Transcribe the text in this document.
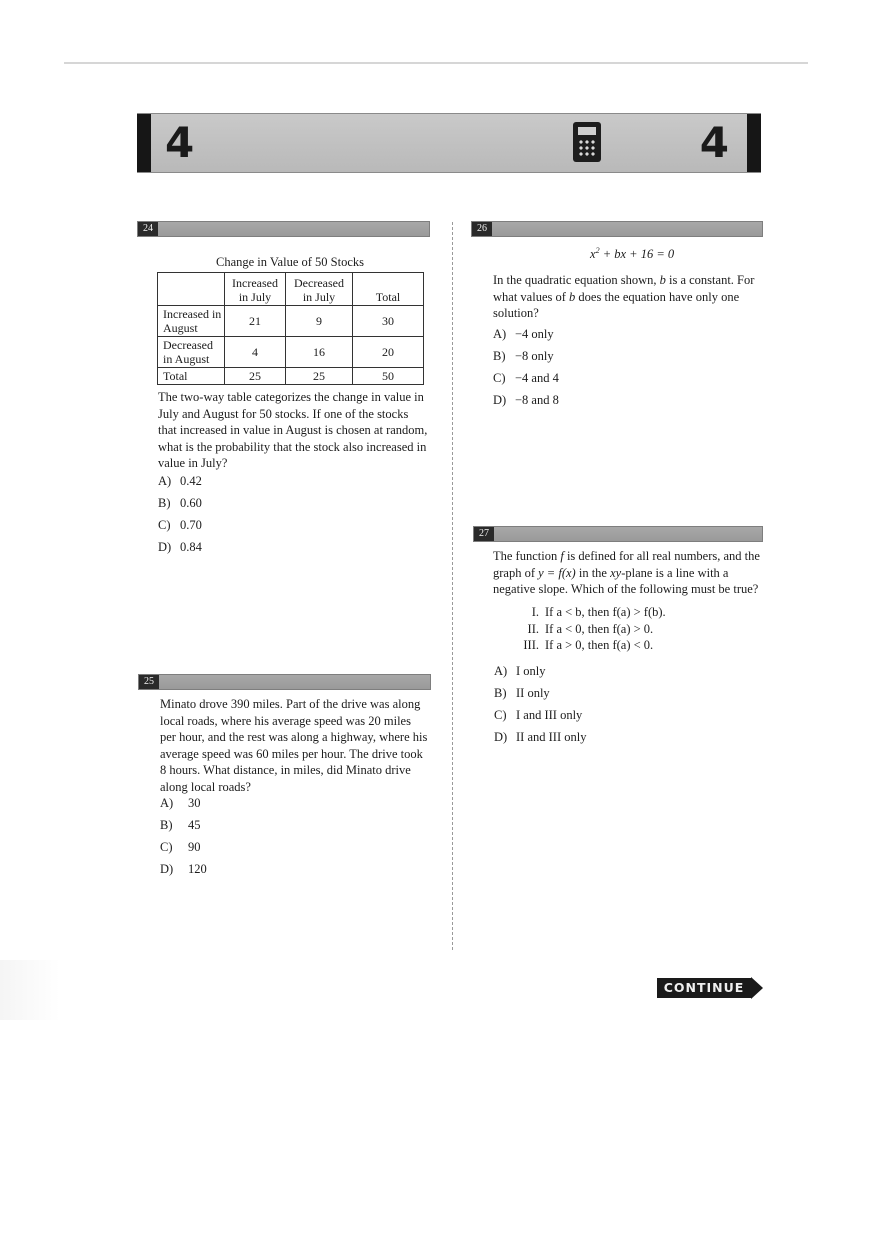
4	4
24
Change in Value of 50 Stocks
	Increased in July	Decreased in July	Total
Increased in August	21	9	30
Decreased in August	4	16	20
Total	25	25	50
The two-way table categorizes the change in value in July and August for 50 stocks. If one of the stocks that increased in value in August is chosen at random, what is the probability that the stock also increased in value in July?
A) 0.42
B) 0.60
C) 0.70
D) 0.84
25
Minato drove 390 miles. Part of the drive was along local roads, where his average speed was 20 miles per hour, and the rest was along a highway, where his average speed was 60 miles per hour. The drive took 8 hours. What distance, in miles, did Minato drive along local roads?
A) 30
B) 45
C) 90
D) 120
26
$x^2$ + bx + 16 = 0
In the quadratic equation shown, b is a constant. For what values of b does the equation have only one solution?
A) −4 only
B) −8 only
C) −4 and 4
D) −8 and 8
27
The function f is defined for all real numbers, and the graph of y = f(x) in the xy-plane is a line with a negative slope. Which of the following must be true?
I. If a < b, then f(a) > f(b).
II. If a < 0, then f(a) > 0.
III. If a > 0, then f(a) < 0.
A) I only
B) II only
C) I and III only
D) II and III only
CONTINUE
